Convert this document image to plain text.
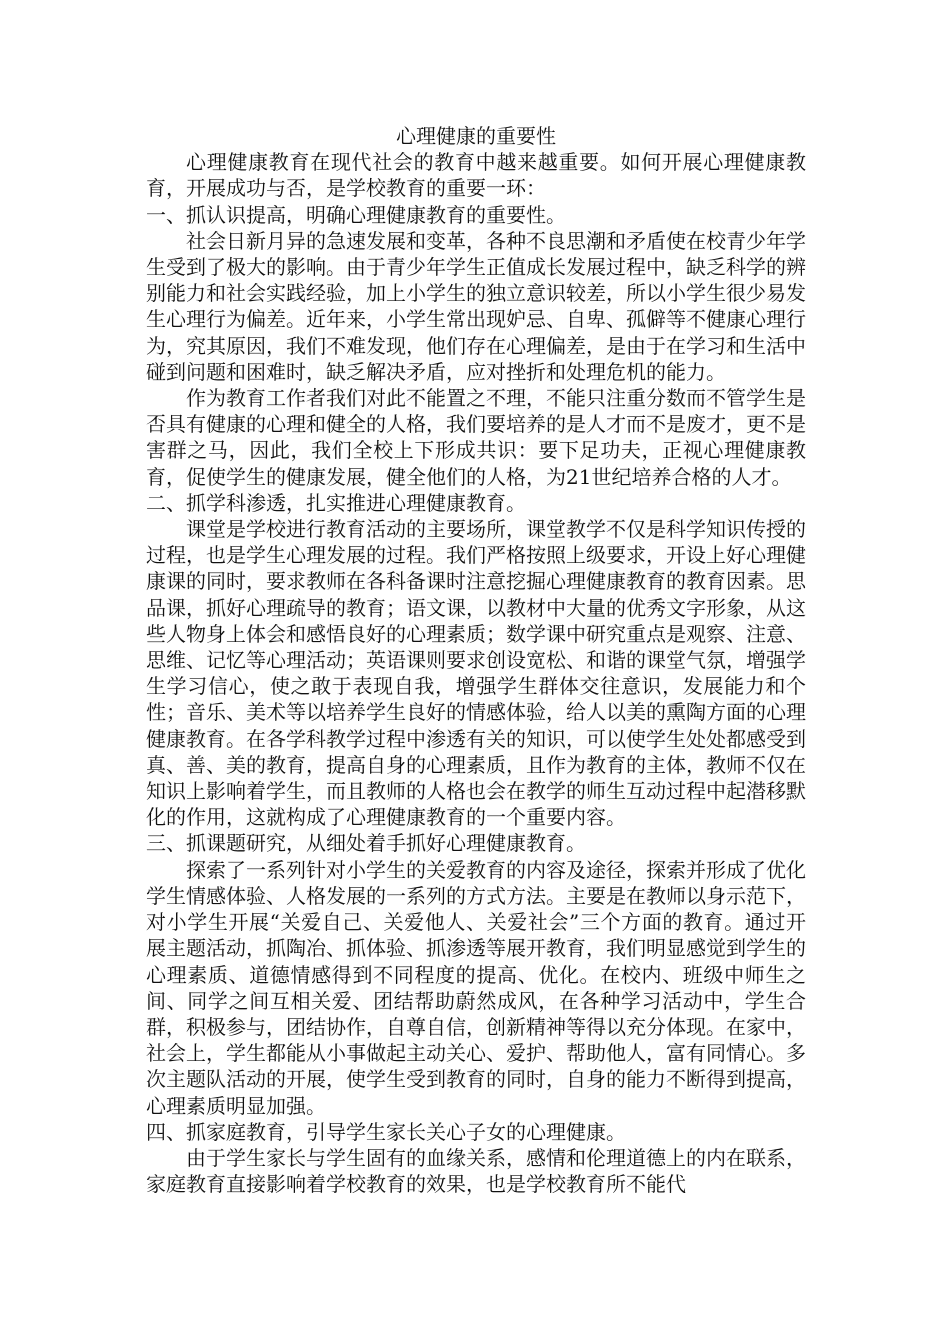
心理健康的重要性

心理健康教育在现代社会的教育中越来越重要。如何开展心理健康教育，开展成功与否，是学校教育的重要一环：

一、抓认识提高，明确心理健康教育的重要性。

社会日新月异的急速发展和变革，各种不良思潮和矛盾使在校青少年学生受到了极大的影响。由于青少年学生正值成长发展过程中，缺乏科学的辨别能力和社会实践经验，加上小学生的独立意识较差，所以小学生很少易发生心理行为偏差。近年来，小学生常出现妒忌、自卑、孤僻等不健康心理行为，究其原因，我们不难发现，他们存在心理偏差，是由于在学习和生活中碰到问题和困难时，缺乏解决矛盾，应对挫折和处理危机的能力。

作为教育工作者我们对此不能置之不理，不能只注重分数而不管学生是否具有健康的心理和健全的人格，我们要培养的是人才而不是废才，更不是害群之马，因此，我们全校上下形成共识：要下足功夫，正视心理健康教育，促使学生的健康发展，健全他们的人格，为21世纪培养合格的人才。

二、抓学科渗透，扎实推进心理健康教育。

课堂是学校进行教育活动的主要场所，课堂教学不仅是科学知识传授的过程，也是学生心理发展的过程。我们严格按照上级要求，开设上好心理健康课的同时，要求教师在各科备课时注意挖掘心理健康教育的教育因素。思品课，抓好心理疏导的教育；语文课，以教材中大量的优秀文字形象，从这些人物身上体会和感悟良好的心理素质；数学课中研究重点是观察、注意、思维、记忆等心理活动；英语课则要求创设宽松、和谐的课堂气氛，增强学生学习信心，使之敢于表现自我，增强学生群体交往意识，发展能力和个性；音乐、美术等以培养学生良好的情感体验，给人以美的熏陶方面的心理健康教育。在各学科教学过程中渗透有关的知识，可以使学生处处都感受到真、善、美的教育，提高自身的心理素质，且作为教育的主体，教师不仅在知识上影响着学生，而且教师的人格也会在教学的师生互动过程中起潜移默化的作用，这就构成了心理健康教育的一个重要内容。

三、抓课题研究，从细处着手抓好心理健康教育。

探索了一系列针对小学生的关爱教育的内容及途径，探索并形成了优化学生情感体验、人格发展的一系列的方式方法。主要是在教师以身示范下，对小学生开展“关爱自己、关爱他人、关爱社会”三个方面的教育。通过开展主题活动，抓陶冶、抓体验、抓渗透等展开教育，我们明显感觉到学生的心理素质、道德情感得到不同程度的提高、优化。在校内、班级中师生之间、同学之间互相关爱、团结帮助蔚然成风，在各种学习活动中，学生合群，积极参与，团结协作，自尊自信，创新精神等得以充分体现。在家中，社会上，学生都能从小事做起主动关心、爱护、帮助他人，富有同情心。多次主题队活动的开展，使学生受到教育的同时，自身的能力不断得到提高，心理素质明显加强。

四、抓家庭教育，引导学生家长关心子女的心理健康。

由于学生家长与学生固有的血缘关系，感情和伦理道德上的内在联系，家庭教育直接影响着学校教育的效果，也是学校教育所不能代
